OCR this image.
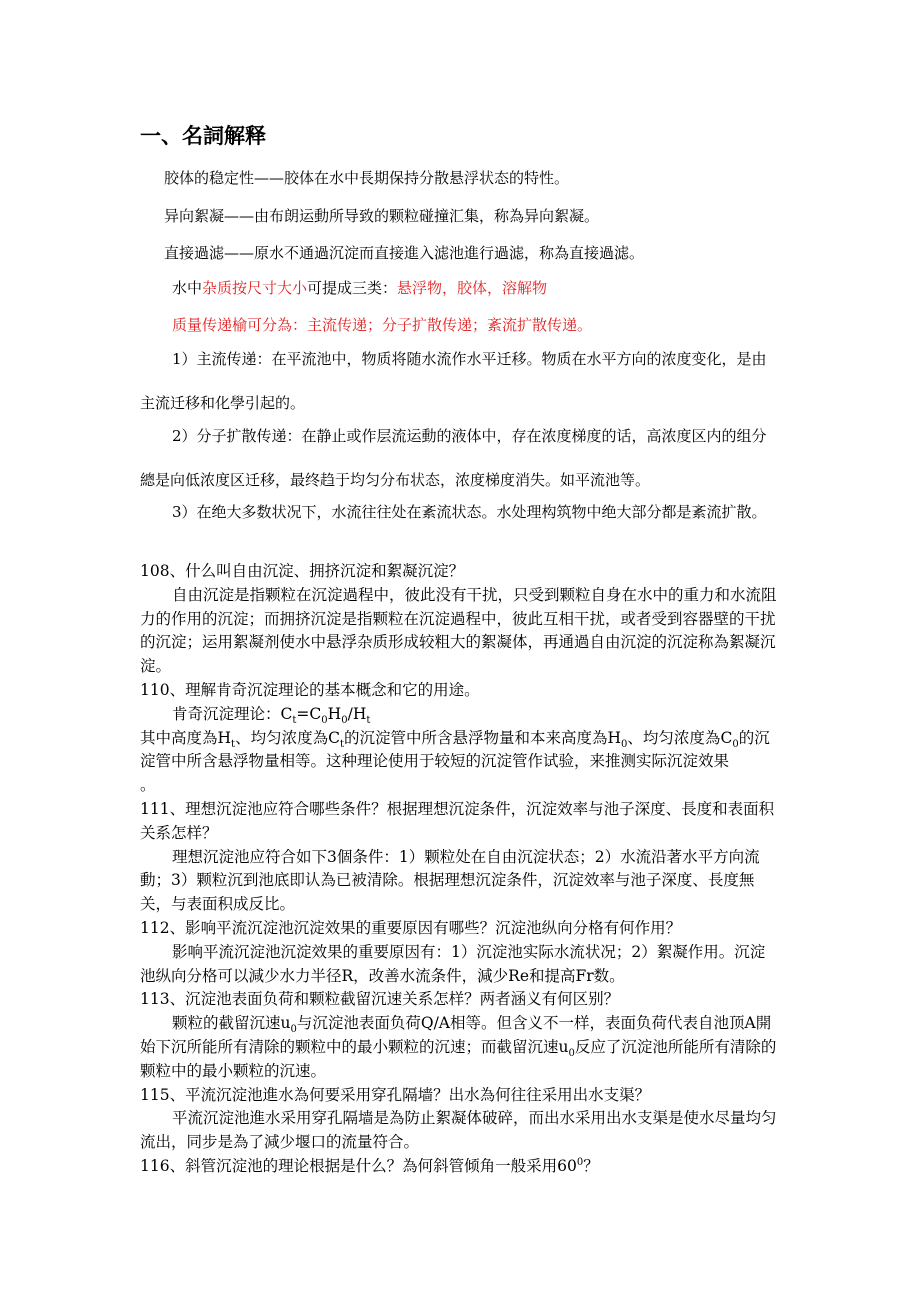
一、名詞解释

胶体的稳定性——胶体在水中長期保持分散悬浮状态的特性。

异向絮凝——由布朗运動所导致的颗粒碰撞汇集，称為异向絮凝。

直接過滤——原水不通過沉淀而直接進入滤池進行過滤，称為直接過滤。

水中杂质按尺寸大小可提成三类：悬浮物，胶体，溶解物

质量传递榆可分為：主流传递；分子扩散传递；紊流扩散传递。

1）主流传递：在平流池中，物质将随水流作水平迁移。物质在水平方向的浓度变化，是由主流迁移和化學引起的。

2）分子扩散传递：在静止或作层流运動的液体中，存在浓度梯度的话，高浓度区内的组分總是向低浓度区迁移，最终趋于均匀分布状态，浓度梯度消失。如平流池等。

3）在绝大多数状况下，水流往往处在紊流状态。水处理构筑物中绝大部分都是紊流扩散。

108、什么叫自由沉淀、拥挤沉淀和絮凝沉淀？

自由沉淀是指颗粒在沉淀過程中，彼此没有干扰，只受到颗粒自身在水中的重力和水流阻力的作用的沉淀；而拥挤沉淀是指颗粒在沉淀過程中，彼此互相干扰，或者受到容器壁的干扰的沉淀；运用絮凝剂使水中悬浮杂质形成较粗大的絮凝体，再通過自由沉淀的沉淀称為絮凝沉淀。

110、理解肯奇沉淀理论的基本概念和它的用途。

肯奇沉淀理论：$C_t=C_0H_0/H_t$

其中高度為$H_t$、均匀浓度為$C_t$的沉淀管中所含悬浮物量和本来高度為$H_0$、均匀浓度為$C_0$的沉淀管中所含悬浮物量相等。这种理论使用于较短的沉淀管作试验，来推测实际沉淀效果
。

111、理想沉淀池应符合哪些条件？根据理想沉淀条件，沉淀效率与池子深度、長度和表面积关系怎样？

理想沉淀池应符合如下3個条件：1）颗粒处在自由沉淀状态；2）水流沿著水平方向流動；3）颗粒沉到池底即认為已被清除。根据理想沉淀条件，沉淀效率与池子深度、長度無关，与表面积成反比。

112、影响平流沉淀池沉淀效果的重要原因有哪些？沉淀池纵向分格有何作用？

影响平流沉淀池沉淀效果的重要原因有：1）沉淀池实际水流状况；2）絮凝作用。沉淀池纵向分格可以減少水力半径R，改善水流条件，減少Re和提高Fr数。

113、沉淀池表面负荷和颗粒截留沉速关系怎样？两者涵义有何区别？

颗粒的截留沉速$u_0$与沉淀池表面负荷Q/A相等。但含义不一样，表面负荷代表自池顶A開始下沉所能所有清除的颗粒中的最小颗粒的沉速；而截留沉速$u_0$反应了沉淀池所能所有清除的颗粒中的最小颗粒的沉速。

115、平流沉淀池進水為何要采用穿孔隔墙？出水為何往往采用出水支渠？

平流沉淀池進水采用穿孔隔墙是為防止絮凝体破碎，而出水采用出水支渠是使水尽量均匀流出，同步是為了減少堰口的流量符合。

116、斜管沉淀池的理论根据是什么？為何斜管倾角一般采用$60^0$？
